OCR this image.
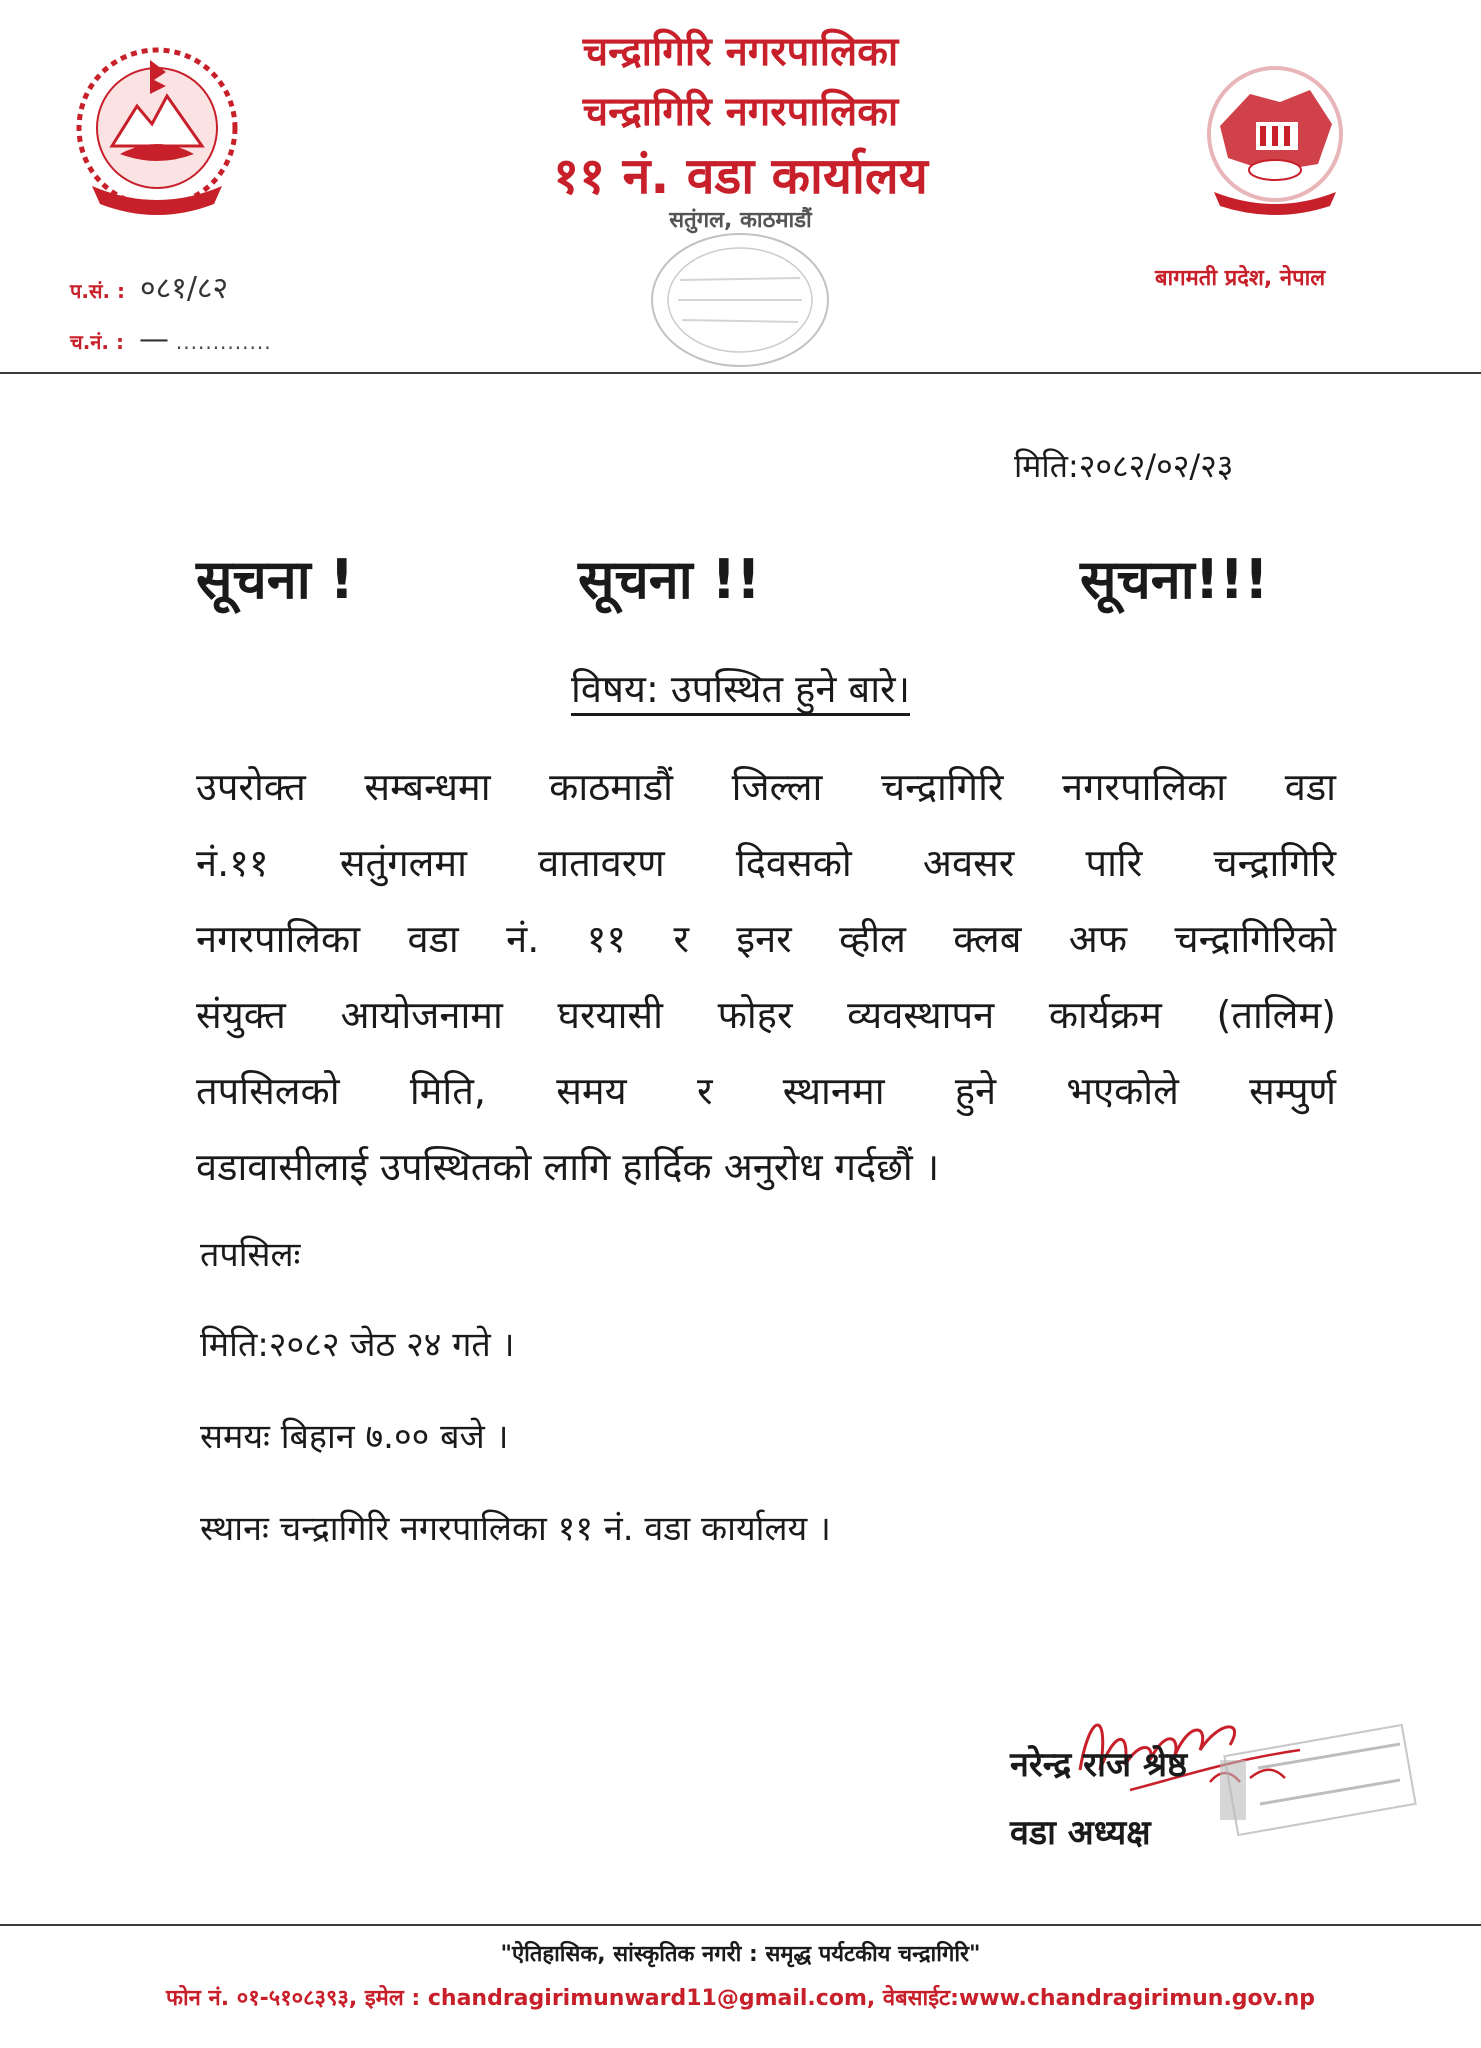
चन्द्रागिरि नगरपालिका
चन्द्रागिरि नगरपालिका
११ नं. वडा कार्यालय
सतुंगल, काठमाडौं
प.सं. : ०८१/८२
च.नं. : — .............
बागमती प्रदेश, नेपाल
मिति:२०८२/०२/२३
सूचना !	सूचना !!	सूचना!!!
विषय: उपस्थित हुने बारे।
उपरोक्त सम्बन्धमा काठमाडौं जिल्ला चन्द्रागिरि नगरपालिका वडा
नं.११ सतुंगलमा वातावरण दिवसको अवसर पारि चन्द्रागिरि
नगरपालिका वडा नं. ११ र इनर व्हील क्लब अफ चन्द्रागिरिको
संयुक्त आयोजनामा घरयासी फोहर व्यवस्थापन कार्यक्रम (तालिम)
तपसिलको मिति, समय र स्थानमा हुने भएकोले सम्पुर्ण
वडावासीलाई उपस्थितको लागि हार्दिक अनुरोध गर्दछौं ।
तपसिलः
मिति:२०८२ जेठ २४ गते ।
समयः बिहान ७.०० बजे ।
स्थानः चन्द्रागिरि नगरपालिका ११ नं. वडा कार्यालय ।
नरेन्द्र राज श्रेष्ठ
वडा अध्यक्ष
"ऐतिहासिक, सांस्कृतिक नगरी : समृद्ध पर्यटकीय चन्द्रागिरि"
फोन नं. ०१-५१०८३९३, इमेल : chandragirimunward11@gmail.com, वेबसाईट:www.chandragirimun.gov.np
